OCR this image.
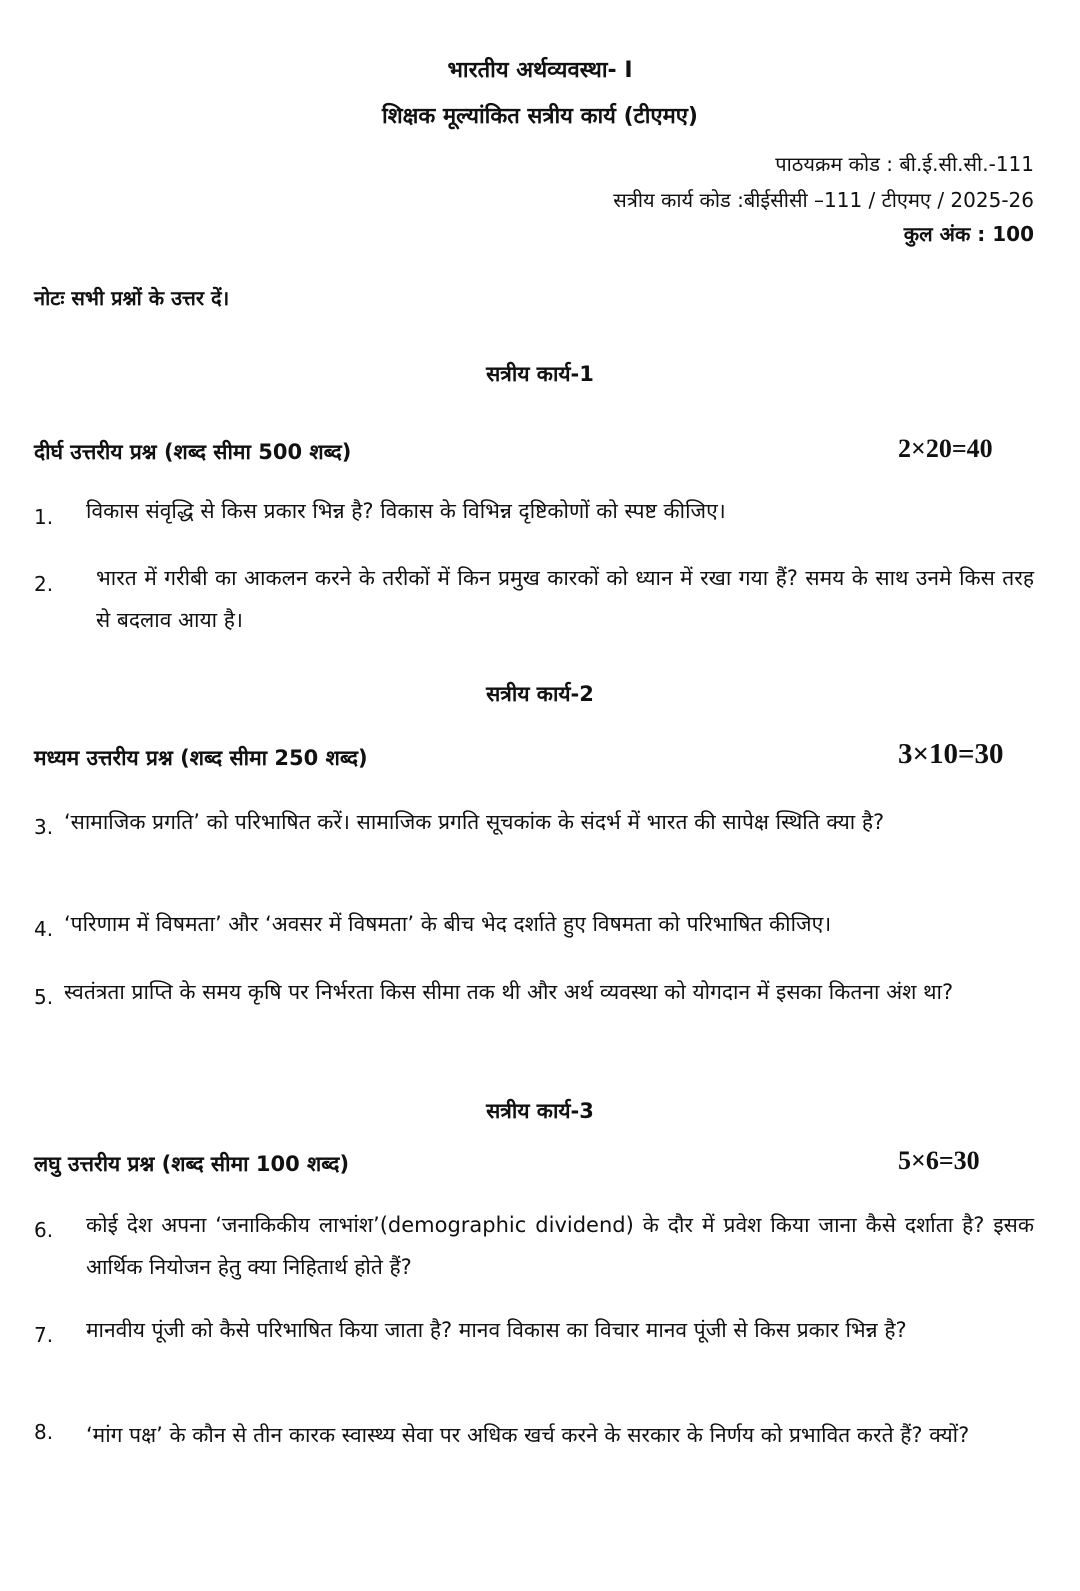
भारतीय अर्थव्यवस्था- I
शिक्षक मूल्यांकित सत्रीय कार्य (टीएमए)
पाठयक्रम कोड : बी.ई.सी.सी.-111
सत्रीय कार्य कोड :बीईसीसी –111 / टीएमए / 2025-26
कुल अंक : 100
नोटः सभी प्रश्नों के उत्तर दें।
सत्रीय कार्य-1
दीर्घ उत्तरीय प्रश्न (शब्द सीमा 500 शब्द)	2×20=40
1. विकास संवृद्धि से किस प्रकार भिन्न है? विकास के विभिन्न दृष्टिकोणों को स्पष्ट कीजिए।
2. भारत में गरीबी का आकलन करने के तरीकों में किन प्रमुख कारकों को ध्यान में रखा गया हैं? समय के साथ उनमे किस तरह से बदलाव आया है।
सत्रीय कार्य-2
मध्यम उत्तरीय प्रश्न (शब्द सीमा 250 शब्द)	3×10=30
3. ‘सामाजिक प्रगति’ को परिभाषित करें। सामाजिक प्रगति सूचकांक के संदर्भ में भारत की सापेक्ष स्थिति क्या है?
4. ‘परिणाम में विषमता’ और ‘अवसर में विषमता’ के बीच भेद दर्शाते हुए विषमता को परिभाषित कीजिए।
5. स्वतंत्रता प्राप्ति के समय कृषि पर निर्भरता किस सीमा तक थी और अर्थ व्यवस्था को योगदान में इसका कितना अंश था?
सत्रीय कार्य-3
लघु उत्तरीय प्रश्न (शब्द सीमा 100 शब्द)	5×6=30
6. कोई देश अपना ‘जनाकिकीय लाभांश’(demographic dividend) के दौर में प्रवेश किया जाना कैसे दर्शाता है? इसक आर्थिक नियोजन हेतु क्या निहितार्थ होते हैं?
7. मानवीय पूंजी को कैसे परिभाषित किया जाता है? मानव विकास का विचार मानव पूंजी से किस प्रकार भिन्न है?
8. ‘मांग पक्ष’ के कौन से तीन कारक स्वास्थ्य सेवा पर अधिक खर्च करने के सरकार के निर्णय को प्रभावित करते हैं? क्यों?
